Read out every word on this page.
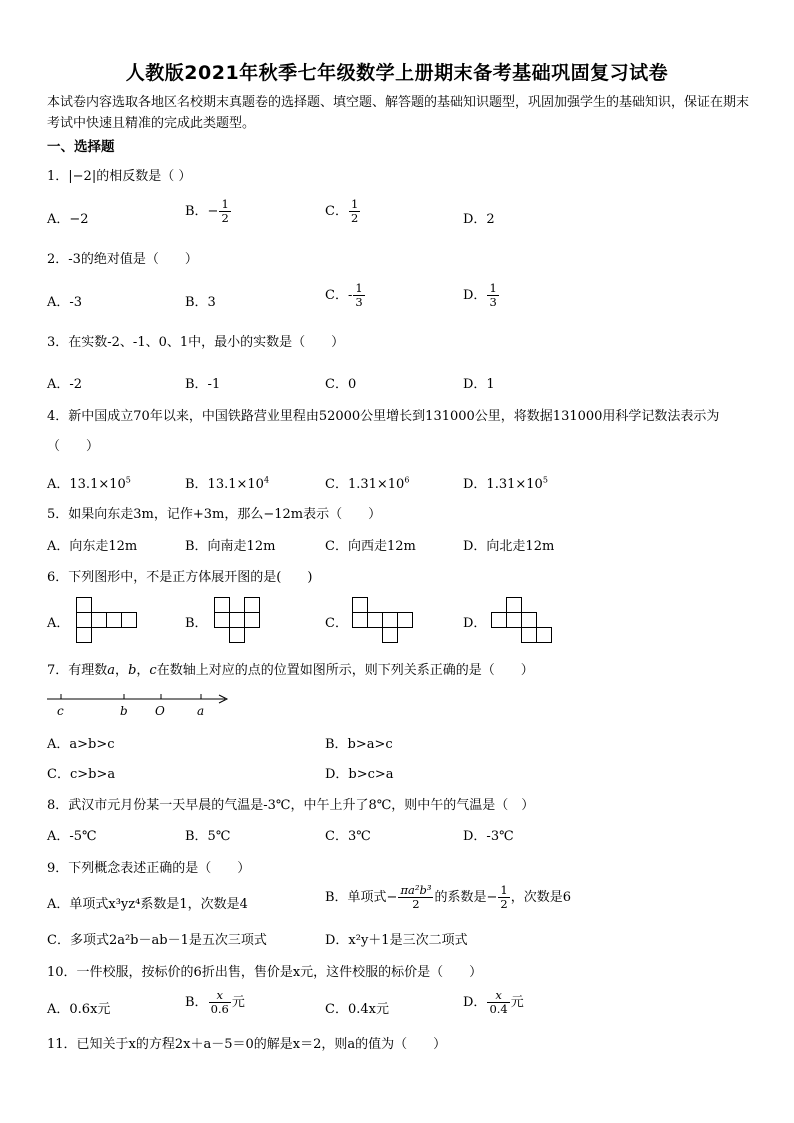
人教版2021年秋季七年级数学上册期末备考基础巩固复习试卷
本试卷内容选取各地区名校期末真题卷的选择题、填空题、解答题的基础知识题型，巩固加强学生的基础知识，保证在期末考试中快速且精准的完成此类题型。
一、选择题
1．|−2|的相反数是（ ）
A．−2
B．− $\frac{1}{2}$	C． $\frac{1}{2}$	D．2
2．-3的绝对值是（　　）
A．-3	B．3	C．- $\frac{1}{3}$	D． $\frac{1}{3}$
3．在实数-2、-1、0、1中，最小的实数是（　　）
A．-2	B．-1	C．0	D．1
4．新中国成立70年以来，中国铁路营业里程由52000公里增长到131000公里，将数据131000用科学记数法表示为（　　）
A．$13.1\times 10^5$	B．$13.1\times 10^4$	C．$1.31\times 10^6$	D．$1.31\times 10^5$
5．如果向东走3m，记作+3m，那么−12m表示（　　）
A．向东走12m	B．向南走12m	C．向西走12m	D．向北走12m
6．下列图形中，不是正方体展开图的是(　　)
A．	B．	C．	D．
7．有理数a，b，c在数轴上对应的点的位置如图所示，则下列关系正确的是（　　）
c	b O	a
A．a>b>c	B．b>a>c
C．c>b>a	D．b>c>a
8．武汉市元月份某一天早晨的气温是-3℃，中午上升了8℃，则中午的气温是（　）
A．-5℃	B．5℃	C．3℃	D．-3℃
9．下列概念表述正确的是（　　）
A．单项式x³yz⁴系数是1，次数是4	B．单项式− $\frac{\text{πa²b³}}{2}$ 的系数是− $\frac{1}{2}$ ，次数是6
C．多项式2a²b－ab－1是五次三项式	D．x²y＋1是三次二项式
10．一件校服，按标价的6折出售，售价是x元，这件校服的标价是（　　）
A．0.6x元	B． $\frac{x}{0.6}$ 元	C．0.4x元	D． $\frac{x}{0.4}$ 元
11．已知关于x的方程2x＋a－5＝0的解是x＝2，则a的值为（　　）
